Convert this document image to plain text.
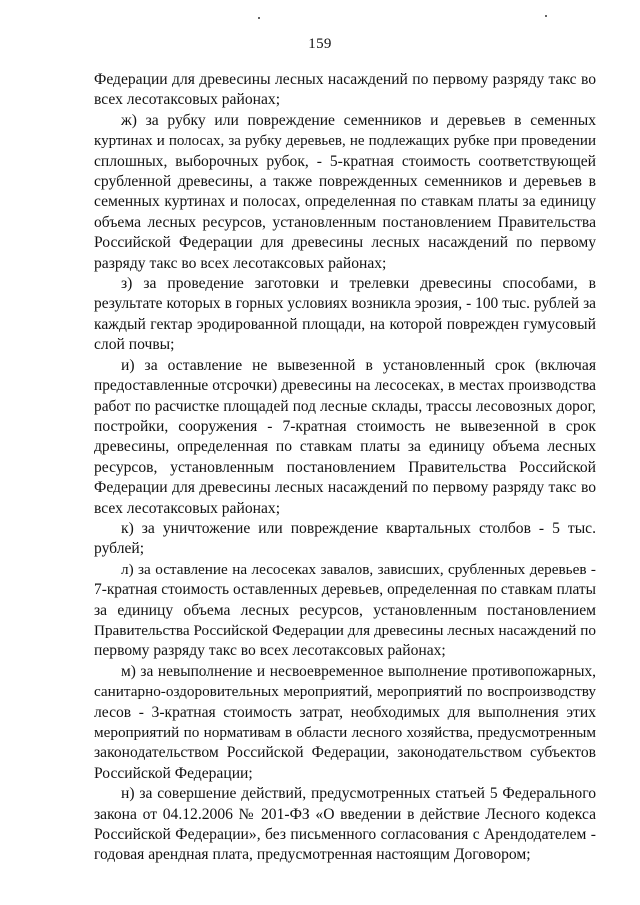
159

Федерации для древесины лесных насаждений по первому разряду такс во
всех лесотаксовых районах;

ж) за рубку или повреждение семенников и деревьев в семенных
куртинах и полосах, за рубку деревьев, не подлежащих рубке при проведении
сплошных, выборочных рубок, - 5-кратная стоимость соответствующей
срубленной древесины, а также поврежденных семенников и деревьев в
семенных куртинах и полосах, определенная по ставкам платы за единицу
объема лесных ресурсов, установленным постановлением Правительства
Российской Федерации для древесины лесных насаждений по первому
разряду такс во всех лесотаксовых районах;

з) за проведение заготовки и трелевки древесины способами, в
результате которых в горных условиях возникла эрозия, - 100 тыс. рублей за
каждый гектар эродированной площади, на которой поврежден гумусовый
слой почвы;

и) за оставление не вывезенной в установленный срок (включая
предоставленные отсрочки) древесины на лесосеках, в местах производства
работ по расчистке площадей под лесные склады, трассы лесовозных дорог,
постройки, сооружения - 7-кратная стоимость не вывезенной в срок
древесины, определенная по ставкам платы за единицу объема лесных
ресурсов, установленным постановлением Правительства Российской
Федерации для древесины лесных насаждений по первому разряду такс во
всех лесотаксовых районах;

к) за уничтожение или повреждение квартальных столбов - 5 тыс.
рублей;

л) за оставление на лесосеках завалов, зависших, срубленных деревьев -
7-кратная стоимость оставленных деревьев, определенная по ставкам платы
за единицу объема лесных ресурсов, установленным постановлением
Правительства Российской Федерации для древесины лесных насаждений по
первому разряду такс во всех лесотаксовых районах;

м) за невыполнение и несвоевременное выполнение противопожарных,
санитарно-оздоровительных мероприятий, мероприятий по воспроизводству
лесов - 3-кратная стоимость затрат, необходимых для выполнения этих
мероприятий по нормативам в области лесного хозяйства, предусмотренным
законодательством Российской Федерации, законодательством субъектов
Российской Федерации;

н) за совершение действий, предусмотренных статьей 5 Федерального
закона от 04.12.2006 № 201-ФЗ «О введении в действие Лесного кодекса
Российской Федерации», без письменного согласования с Арендодателем -
годовая арендная плата, предусмотренная настоящим Договором;
